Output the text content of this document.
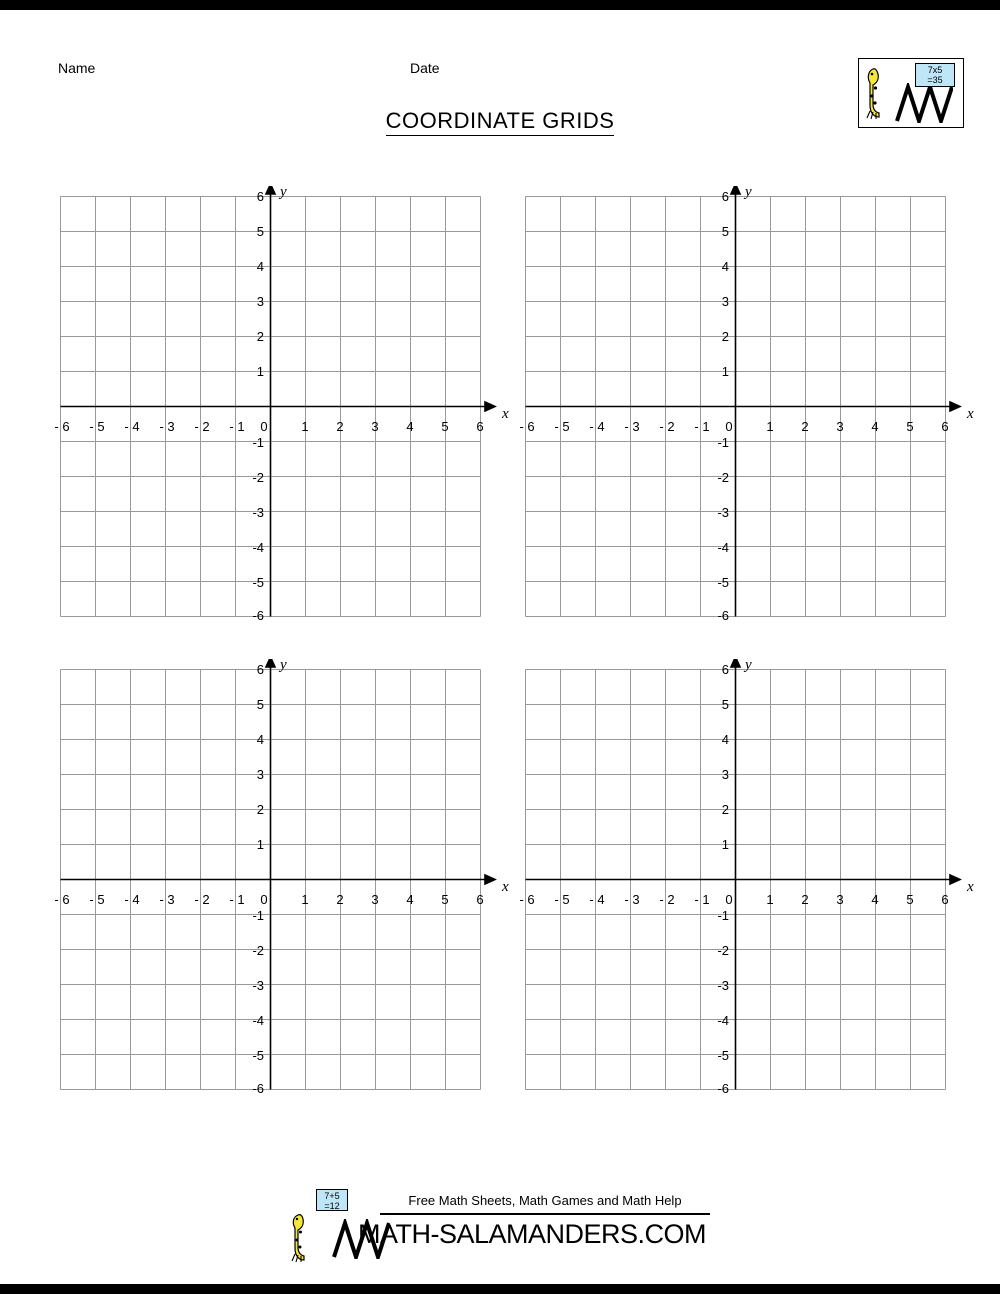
Name	Date
COORDINATE GRIDS
7x5
=35
- 6 - 5 - 4 - 3 - 2 - 1 0	1 2 3 4 5 6
6
5
4
3
2
1
-1
-2
-3
-4
-5
-6
x
y
- 6 - 5 - 4 - 3 - 2 - 1 0	1 2 3 4 5 6
6
5
4
3
2
1
-1
-2
-3
-4
-5
-6
x
y
- 6 - 5 - 4 - 3 - 2 - 1 0	1 2 3 4 5 6
6
5
4
3
2
1
-1
-2
-3
-4
-5
-6
x
y
- 6 - 5 - 4 - 3 - 2 - 1 0	1 2 3 4 5 6
6
5
4
3
2
1
-1
-2
-3
-4
-5
-6
x
y
Free Math Sheets, Math Games and Math Help
7+5
=12
MATH-SALAMANDERS.COM
